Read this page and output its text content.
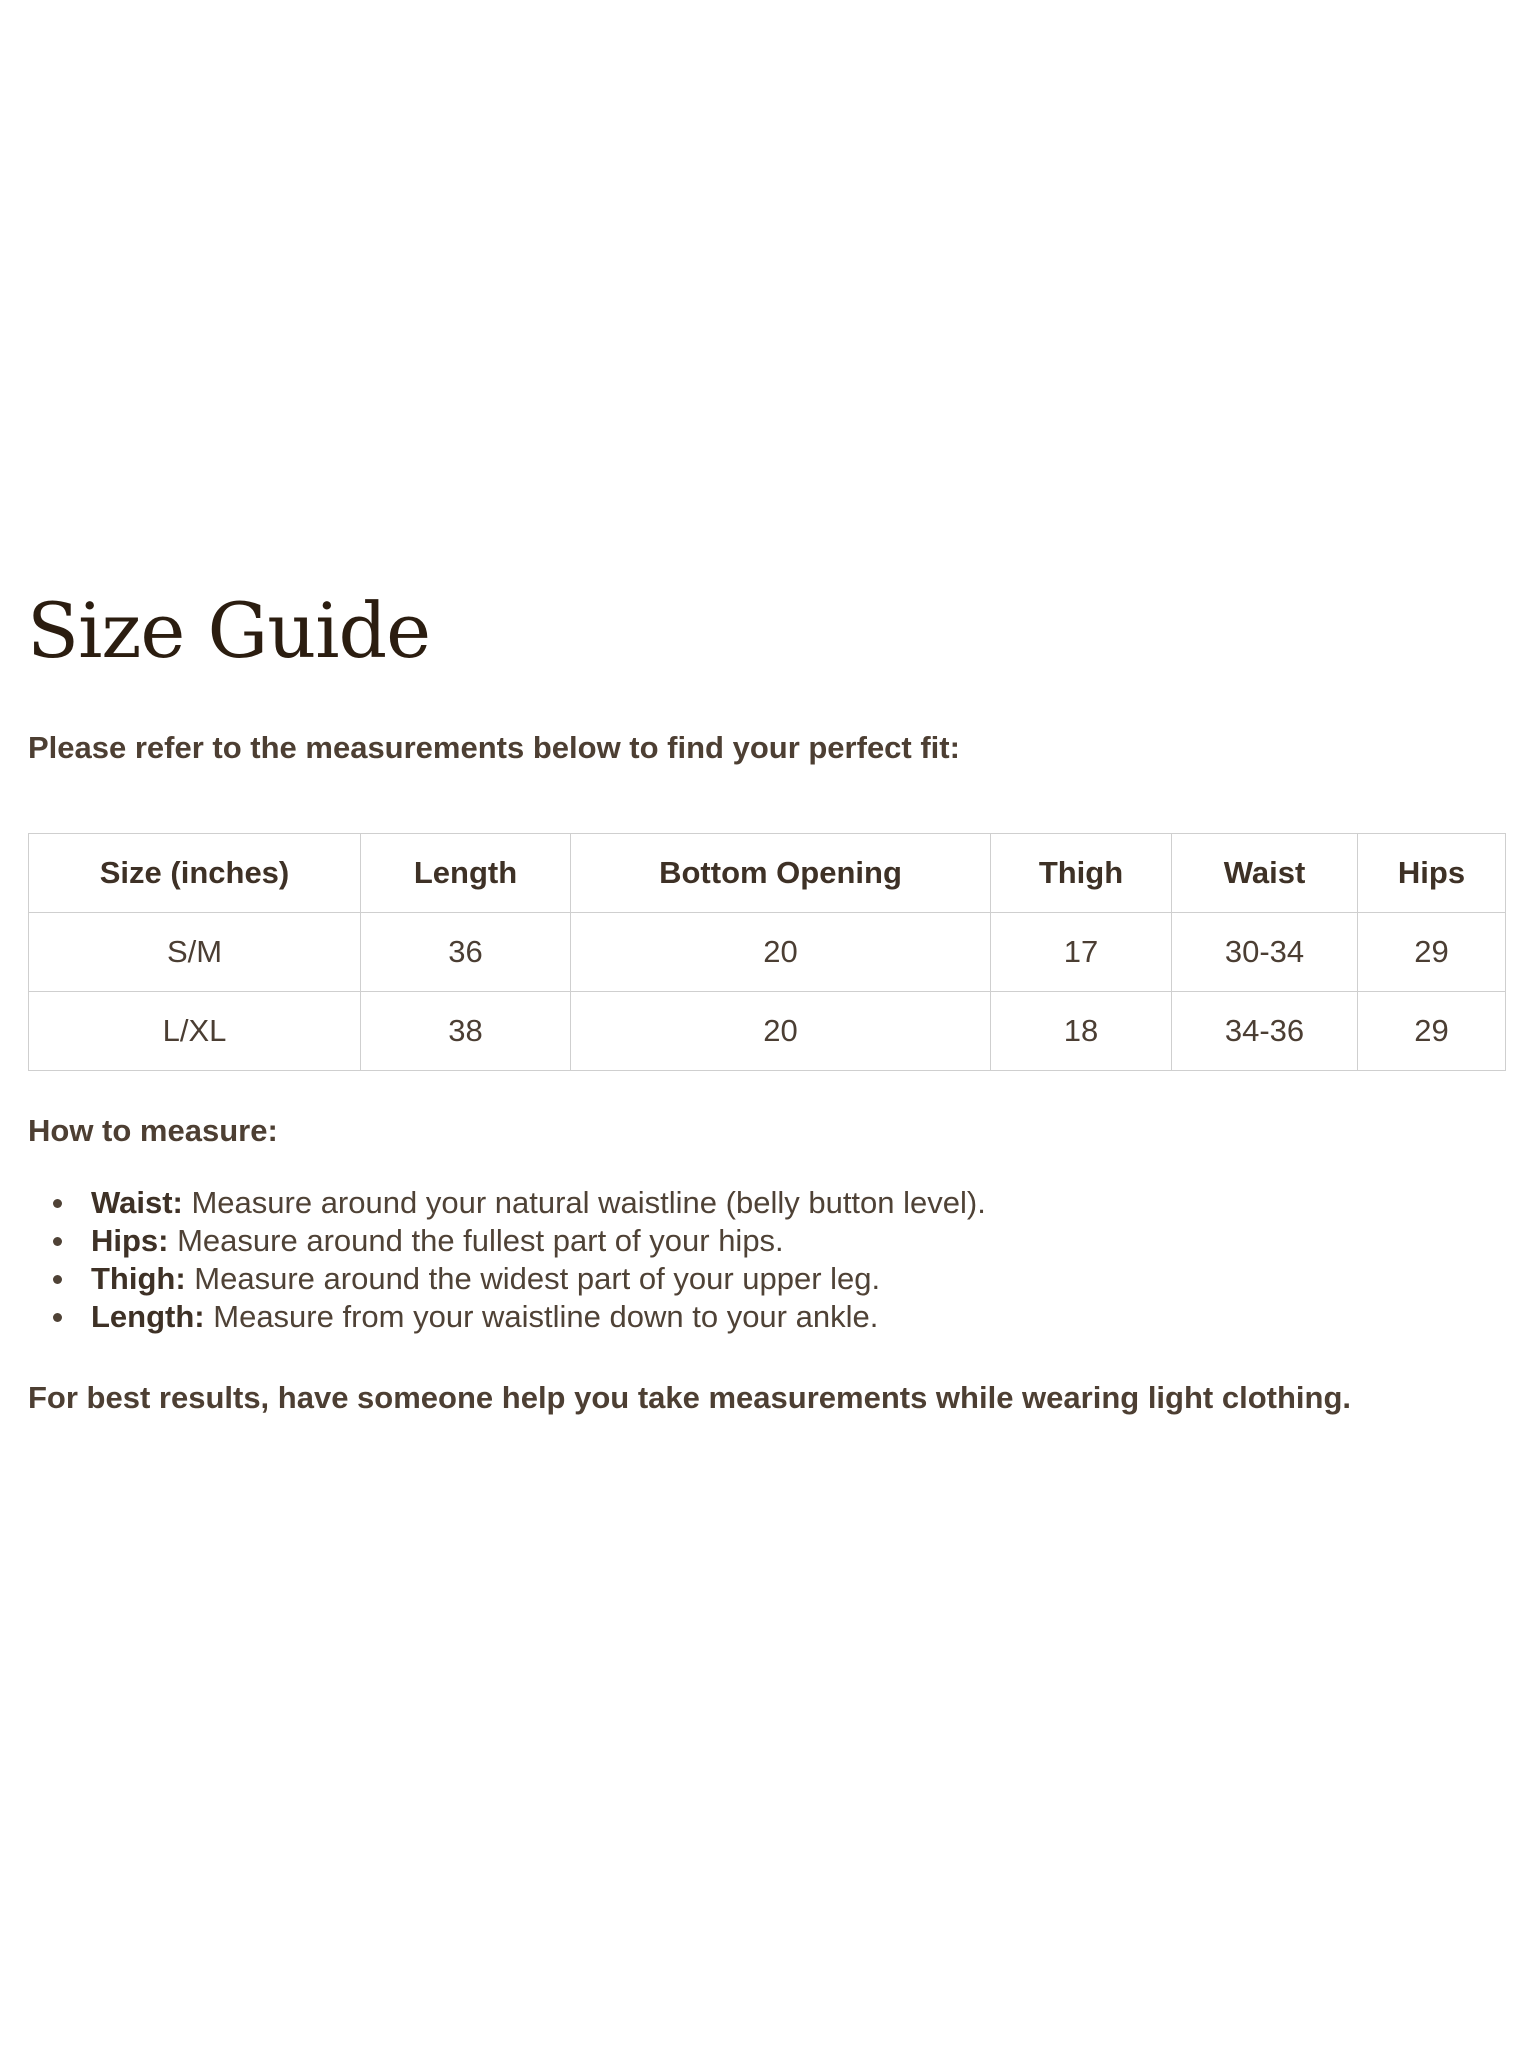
Size Guide

Please refer to the measurements below to find your perfect fit:

Size (inches)	Length	Bottom Opening	Thigh	Waist	Hips
S/M	36	20	17	30-34	29
L/XL	38	20	18	34-36	29

How to measure:

Waist: Measure around your natural waistline (belly button level).
Hips: Measure around the fullest part of your hips.
Thigh: Measure around the widest part of your upper leg.
Length: Measure from your waistline down to your ankle.

For best results, have someone help you take measurements while wearing light clothing.
